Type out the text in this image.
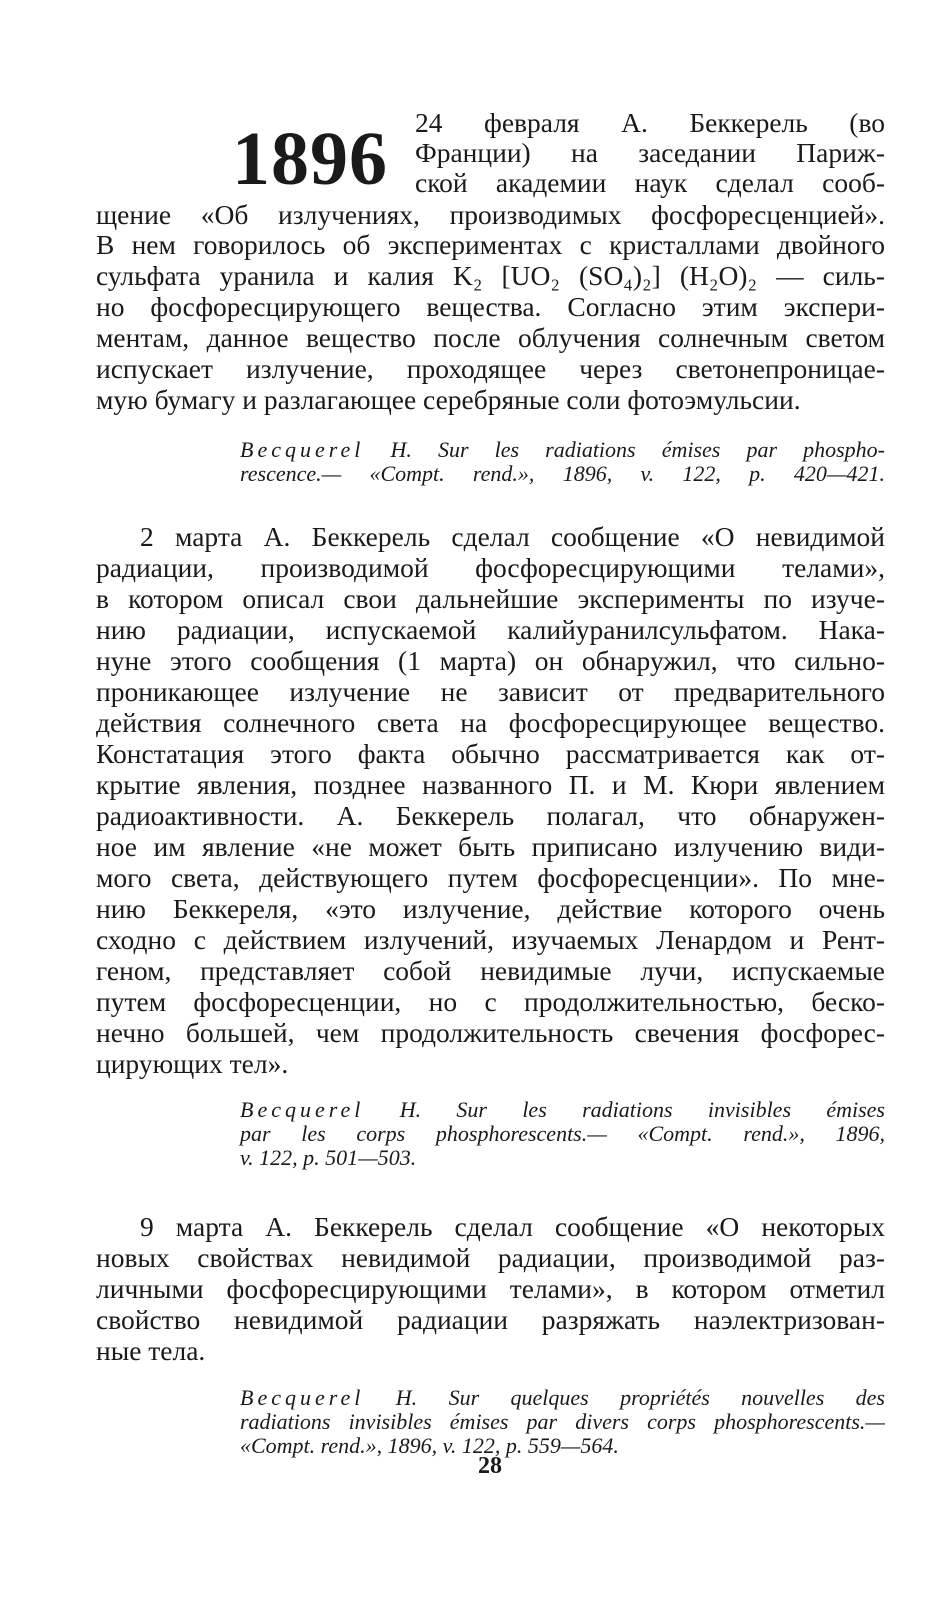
1896 24 февраля А. Беккерель (во
Франции) на заседании Париж-
ской академии наук сделал сооб-
щение «Об излучениях, производимых фосфоресценцией».
В нем говорилось об экспериментах с кристаллами двойного
сульфата уранила и калия K₂ [UO₂ (SO₄)₂] (H₂O)₂ — силь-
но фосфоресцирующего вещества. Согласно этим экспери-
ментам, данное вещество после облучения солнечным светом
испускает излучение, проходящее через светонепроницае-
мую бумагу и разлагающее серебряные соли фотоэмульсии.
Becquerel H. Sur les radiations émises par phospho-
rescence.— «Compt. rend.», 1896, v. 122, p. 420—421.
2 марта А. Беккерель сделал сообщение «О невидимой
радиации, производимой фосфоресцирующими телами»,
в котором описал свои дальнейшие эксперименты по изуче-
нию радиации, испускаемой калийуранилсульфатом. Нака-
нуне этого сообщения (1 марта) он обнаружил, что сильно-
проникающее излучение не зависит от предварительного
действия солнечного света на фосфоресцирующее вещество.
Констатация этого факта обычно рассматривается как от-
крытие явления, позднее названного П. и М. Кюри явлением
радиоактивности. А. Беккерель полагал, что обнаружен-
ное им явление «не может быть приписано излучению види-
мого света, действующего путем фосфоресценции». По мне-
нию Беккереля, «это излучение, действие которого очень
сходно с действием излучений, изучаемых Ленардом и Рент-
геном, представляет собой невидимые лучи, испускаемые
путем фосфоресценции, но с продолжительностью, беско-
нечно большей, чем продолжительность свечения фосфорес-
цирующих тел».
Becquerel H. Sur les radiations invisibles émises
par les corps phosphorescents.— «Compt. rend.», 1896,
v. 122, p. 501—503.
9 марта А. Беккерель сделал сообщение «О некоторых
новых свойствах невидимой радиации, производимой раз-
личными фосфоресцирующими телами», в котором отметил
свойство невидимой радиации разряжать наэлектризован-
ные тела.
Becquerel H. Sur quelques propriétés nouvelles des
radiations invisibles émises par divers corps phosphorescents.—
«Compt. rend.», 1896, v. 122, p. 559—564.
28
